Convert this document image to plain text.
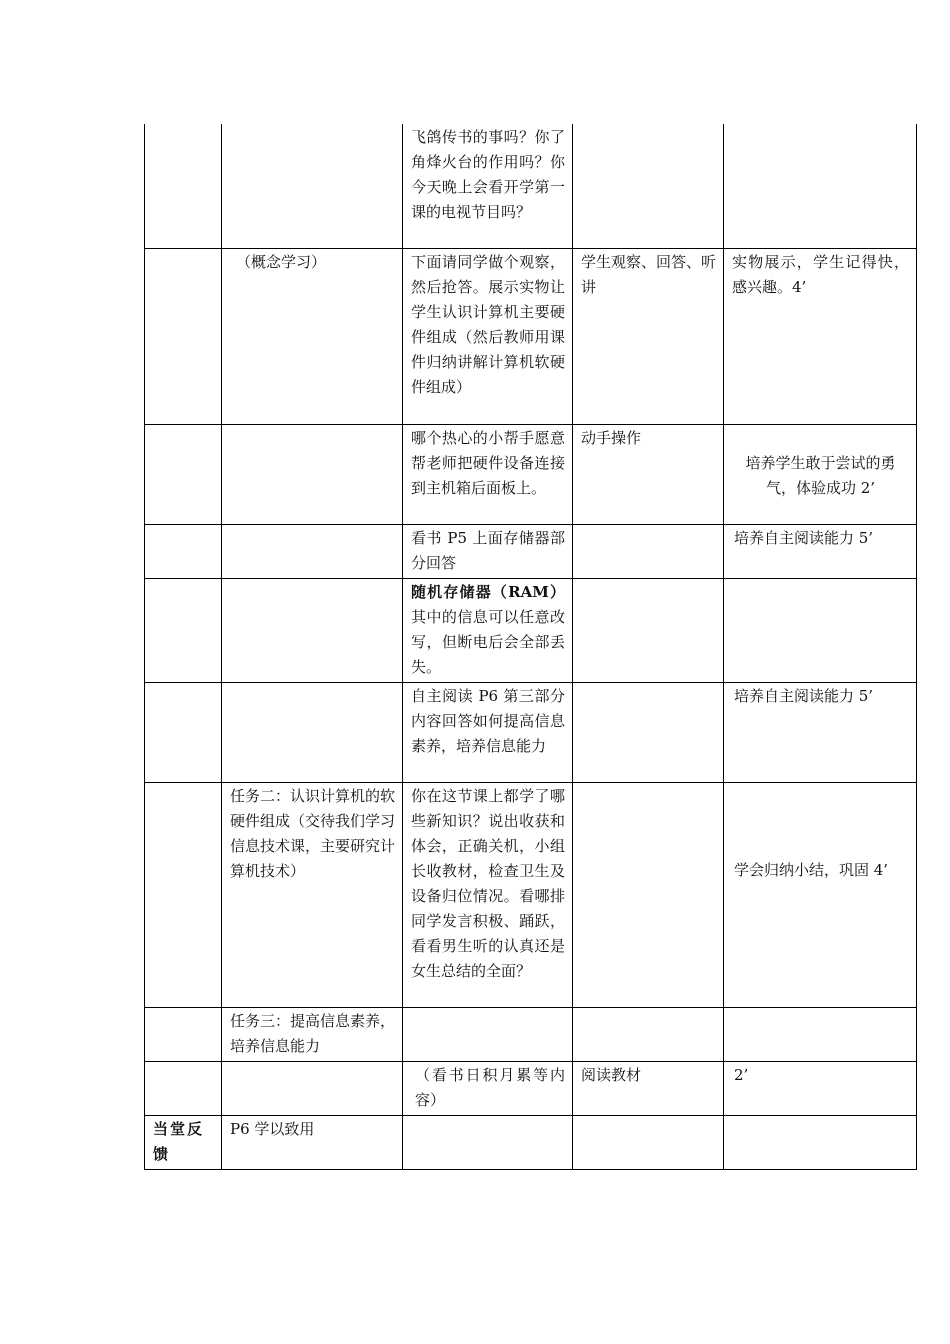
		飞鸽传书的事吗？你了角烽火台的作用吗？你今天晚上会看开学第一课的电视节目吗？		
	（概念学习）	下面请同学做个观察，然后抢答。展示实物让学生认识计算机主要硬件组成（然后教师用课件归纳讲解计算机软硬件组成）	学生观察、回答、听讲	实物展示，学生记得快，感兴趣。4’
		哪个热心的小帮手愿意帮老师把硬件设备连接到主机箱后面板上。	动手操作	培养学生敢于尝试的勇气，体验成功 2’
		看书 P5 上面存储器部分回答		培养自主阅读能力 5’
		随机存储器（RAM）其中的信息可以任意改写，但断电后会全部丢失。		
		自主阅读 P6 第三部分内容回答如何提高信息素养，培养信息能力		培养自主阅读能力 5’
	任务二：认识计算机的软硬件组成（交待我们学习信息技术课，主要研究计算机技术）	你在这节课上都学了哪些新知识？说出收获和体会，正确关机，小组长收教材，检查卫生及设备归位情况。看哪排同学发言积极、踊跃，看看男生听的认真还是女生总结的全面？		学会归纳小结，巩固 4’
	任务三：提高信息素养，培养信息能力			
		（看书日积月累等内容）	阅读教材	2’
当堂反馈	P6 学以致用			
